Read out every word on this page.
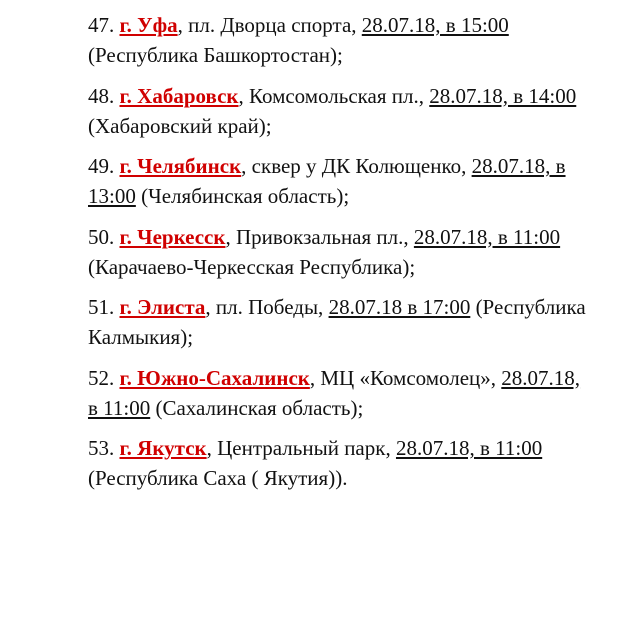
47. г. Уфа, пл. Дворца спорта, 28.07.18, в 15:00 (Республика Башкортостан);
48. г. Хабаровск, Комсомольская пл., 28.07.18, в 14:00 (Хабаровский край);
49. г. Челябинск, сквер у ДК Колющенко, 28.07.18, в 13:00 (Челябинская область);
50. г. Черкесск, Привокзальная пл., 28.07.18, в 11:00 (Карачаево-Черкесская Республика);
51. г. Элиста, пл. Победы, 28.07.18 в 17:00 (Республика Калмыкия);
52. г. Южно-Сахалинск, МЦ «Комсомолец», 28.07.18, в 11:00 (Сахалинская область);
53. г. Якутск, Центральный парк, 28.07.18, в 11:00 (Республика Саха ( Якутия)).
